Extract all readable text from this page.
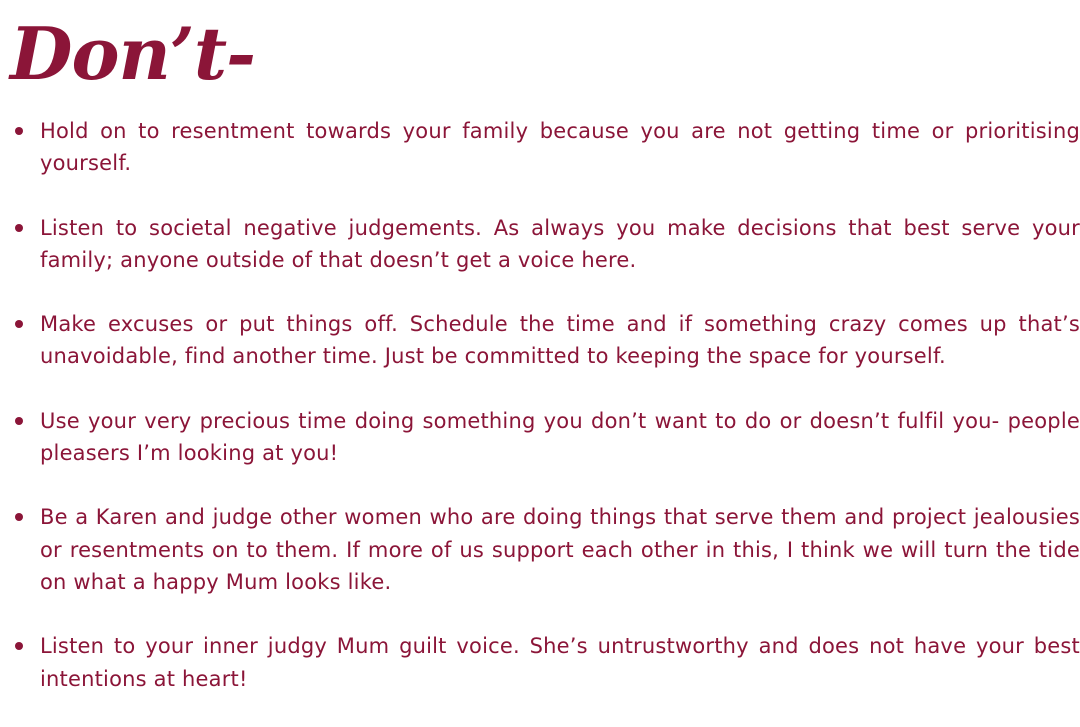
Don’t-
Hold on to resentment towards your family because you are not getting time or prioritising yourself.
Listen to societal negative judgements. As always you make decisions that best serve your family; anyone outside of that doesn’t get a voice here.
Make excuses or put things off. Schedule the time and if something crazy comes up that’s unavoidable, find another time. Just be committed to keeping the space for yourself.
Use your very precious time doing something you don’t want to do or doesn’t fulfil you- people pleasers I’m looking at you!
Be a Karen and judge other women who are doing things that serve them and project jealousies or resentments on to them. If more of us support each other in this, I think we will turn the tide on what a happy Mum looks like.
Listen to your inner judgy Mum guilt voice. She’s untrustworthy and does not have your best intentions at heart!
